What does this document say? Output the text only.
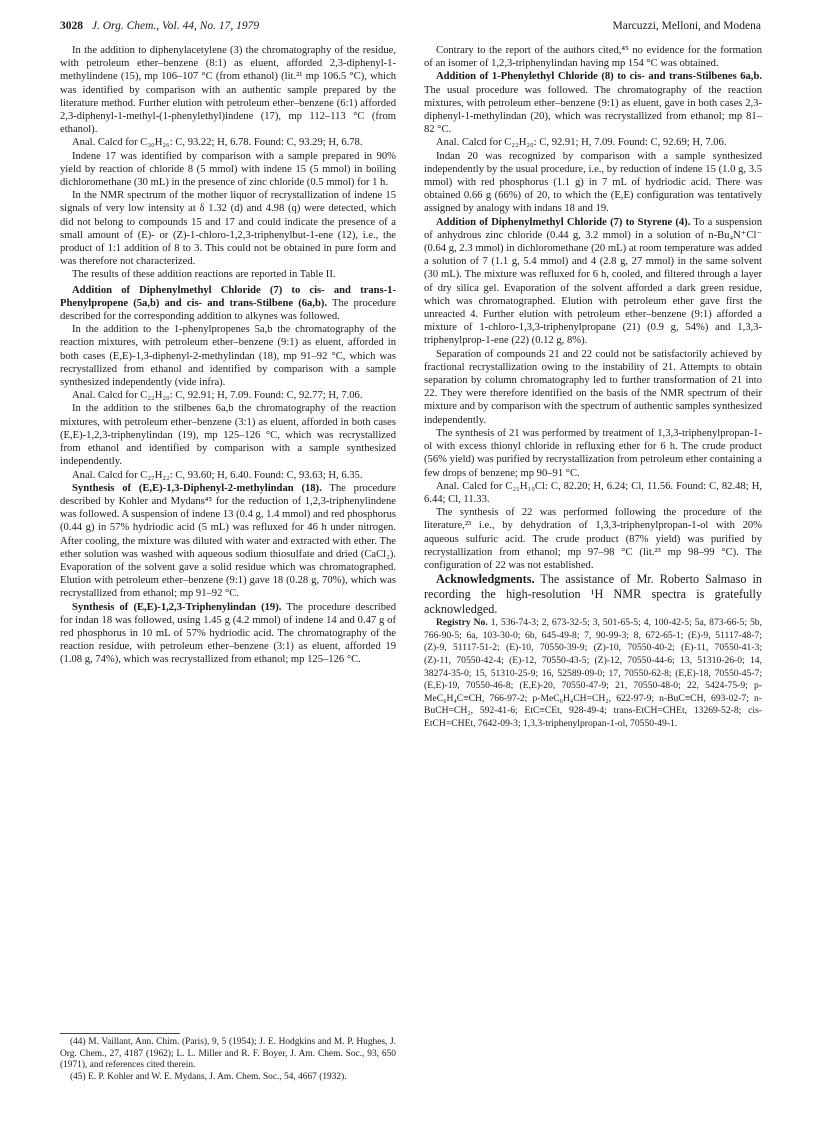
3028 J. Org. Chem., Vol. 44, No. 17, 1979	Marcuzzi, Melloni, and Modena

In the addition to diphenylacetylene (3) the chromatography of the residue, with petroleum ether–benzene (8:1) as eluent, afforded 2,3-diphenyl-1-methylindene (15), mp 106–107 °C (from ethanol) (lit.²¹ mp 106.5 °C), which was identified by comparison with an authentic sample prepared by the literature method. Further elution with petroleum ether–benzene (6:1) afforded 2,3-diphenyl-1-methyl-(1-phenylethyl)indene (17), mp 112–113 °C (from ethanol).

Anal. Calcd for C₃₀H₂₆: C, 93.22; H, 6.78. Found: C, 93.29; H, 6.78.

Indene 17 was identified by comparison with a sample prepared in 90% yield by reaction of chloride 8 (5 mmol) with indene 15 (5 mmol) in boiling dichloromethane (30 mL) in the presence of zinc chloride (0.5 mmol) for 1 h.

In the NMR spectrum of the mother liquor of recrystallization of indene 15 signals of very low intensity at δ 1.32 (d) and 4.98 (q) were detected, which did not belong to compounds 15 and 17 and could indicate the presence of a small amount of (E)- or (Z)-1-chloro-1,2,3-triphenylbut-1-ene (12), i.e., the product of 1:1 addition of 8 to 3. This could not be obtained in pure form and was therefore not characterized.

The results of these addition reactions are reported in Table II.

Addition of Diphenylmethyl Chloride (7) to cis- and trans-1-Phenylpropene (5a,b) and cis- and trans-Stilbene (6a,b). The procedure described for the corresponding addition to alkynes was followed.

In the addition to the 1-phenylpropenes 5a,b the chromatography of the reaction mixtures, with petroleum ether–benzene (9:1) as eluent, afforded in both cases (E,E)-1,3-diphenyl-2-methylindan (18), mp 91–92 °C, which was recrystallized from ethanol and identified by comparison with a sample synthesized independently (vide infra).

Anal. Calcd for C₂₂H₂₀: C, 92.91; H, 7.09. Found: C, 92.77; H, 7.06.

In the addition to the stilbenes 6a,b the chromatography of the reaction mixtures, with petroleum ether–benzene (3:1) as eluent, afforded in both cases (E,E)-1,2,3-triphenylindan (19), mp 125–126 °C, which was recrystallized from ethanol and identified by comparison with a sample synthesized independently.

Anal. Calcd for C₂₇H₂₂: C, 93.60; H, 6.40. Found: C, 93.63; H, 6.35.

Synthesis of (E,E)-1,3-Diphenyl-2-methylindan (18). The procedure described by Kohler and Mydans⁴⁵ for the reduction of 1,2,3-triphenylindene was followed. A suspension of indene 13 (0.4 g, 1.4 mmol) and red phosphorus (0.44 g) in 57% hydriodic acid (5 mL) was refluxed for 46 h under nitrogen. After cooling, the mixture was diluted with water and extracted with ether. The ether solution was washed with aqueous sodium thiosulfate and dried (CaCl₂). Evaporation of the solvent gave a solid residue which was chromatographed. Elution with petroleum ether–benzene (9:1) gave 18 (0.28 g, 70%), which was recrystallized from ethanol; mp 91–92 °C.

Synthesis of (E,E)-1,2,3-Triphenylindan (19). The procedure described for indan 18 was followed, using 1.45 g (4.2 mmol) of indene 14 and 0.47 g of red phosphorus in 10 mL of 57% hydriodic acid. The chromatography of the reaction residue, with petroleum ether–benzene (3:1) as eluent, afforded 19 (1.08 g, 74%), which was recrystallized from ethanol; mp 125–126 °C.

(44) M. Vaillant, Ann. Chim. (Paris), 9, 5 (1954); J. E. Hodgkins and M. P. Hughes, J. Org. Chem., 27, 4187 (1962); L. L. Miller and R. F. Boyer, J. Am. Chem. Soc., 93, 650 (1971), and references cited therein.

(45) E. P. Kohler and W. E. Mydans, J. Am. Chem. Soc., 54, 4667 (1932).

Contrary to the report of the authors cited,⁴⁵ no evidence for the formation of an isomer of 1,2,3-triphenylindan having mp 154 °C was obtained.

Addition of 1-Phenylethyl Chloride (8) to cis- and trans-Stilbenes 6a,b. The usual procedure was followed. The chromatography of the reaction mixtures, with petroleum ether–benzene (9:1) as eluent, gave in both cases 2,3-diphenyl-1-methylindan (20), which was recrystallized from ethanol; mp 81–82 °C.

Anal. Calcd for C₂₂H₂₀: C, 92.91; H, 7.09. Found: C, 92.69; H, 7.06.

Indan 20 was recognized by comparison with a sample synthesized independently by the usual procedure, i.e., by reduction of indene 15 (1.0 g, 3.5 mmol) with red phosphorus (1.1 g) in 7 mL of hydriodic acid. There was obtained 0.66 g (66%) of 20, to which the (E,E) configuration was tentatively assigned by analogy with indans 18 and 19.

Addition of Diphenylmethyl Chloride (7) to Styrene (4). To a suspension of anhydrous zinc chloride (0.44 g, 3.2 mmol) in a solution of n-Bu₄N⁺Cl⁻ (0.64 g, 2.3 mmol) in dichloromethane (20 mL) at room temperature was added a solution of 7 (1.1 g, 5.4 mmol) and 4 (2.8 g, 27 mmol) in the same solvent (30 mL). The mixture was refluxed for 6 h, cooled, and filtered through a layer of dry silica gel. Evaporation of the solvent afforded a dark green residue, which was chromatographed. Elution with petroleum ether gave first the unreacted 4. Further elution with petroleum ether–benzene (9:1) afforded a mixture of 1-chloro-1,3,3-triphenylpropane (21) (0.9 g, 54%) and 1,3,3-triphenylprop-1-ene (22) (0.12 g, 8%).

Separation of compounds 21 and 22 could not be satisfactorily achieved by fractional recrystallization owing to the instability of 21. Attempts to obtain separation by column chromatography led to further transformation of 21 into 22. They were therefore identified on the basis of the NMR spectrum of their mixture and by comparison with the spectrum of authentic samples synthesized independently.

The synthesis of 21 was performed by treatment of 1,3,3-triphenylpropan-1-ol with excess thionyl chloride in refluxing ether for 6 h. The crude product (56% yield) was purified by recrystallization from petroleum ether containing a few drops of benzene; mp 90–91 °C.

Anal. Calcd for C₂₁H₁₉Cl: C, 82.20; H, 6.24; Cl, 11.56. Found: C, 82.48; H, 6.44; Cl, 11.33.

The synthesis of 22 was performed following the procedure of the literature,²³ i.e., by dehydration of 1,3,3-triphenylpropan-1-ol with 20% aqueous sulfuric acid. The crude product (87% yield) was purified by recrystallization from ethanol; mp 97–98 °C (lit.²³ mp 98–99 °C). The configuration of 22 was not established.

Acknowledgments. The assistance of Mr. Roberto Salmaso in recording the high-resolution ¹H NMR spectra is gratefully acknowledged.

Registry No. 1, 536-74-3; 2, 673-32-5; 3, 501-65-5; 4, 100-42-5; 5a, 873-66-5; 5b, 766-90-5; 6a, 103-30-0; 6b, 645-49-8; 7, 90-99-3; 8, 672-65-1; (E)-9, 51117-48-7; (Z)-9, 51117-51-2; (E)-10, 70550-39-9; (Z)-10, 70550-40-2; (E)-11, 70550-41-3; (Z)-11, 70550-42-4; (E)-12, 70550-43-5; (Z)-12, 70550-44-6; 13, 51310-26-0; 14, 38274-35-0; 15, 51310-25-9; 16, 52589-09-0; 17, 70550-62-8; (E,E)-18, 70550-45-7; (E,E)-19, 70550-46-8; (E,E)-20, 70550-47-9; 21, 70550-48-0; 22, 5424-75-9; p-MeC₆H₄C≡CH, 766-97-2; p-MeC₆H₄CH=CH₂, 622-97-9; n-BuC≡CH, 693-02-7; n-BuCH=CH₂, 592-41-6; EtC≡CEt, 928-49-4; trans-EtCH=CHEt, 13269-52-8; cis-EtCH=CHEt, 7642-09-3; 1,3,3-triphenylpropan-1-ol, 70550-49-1.
